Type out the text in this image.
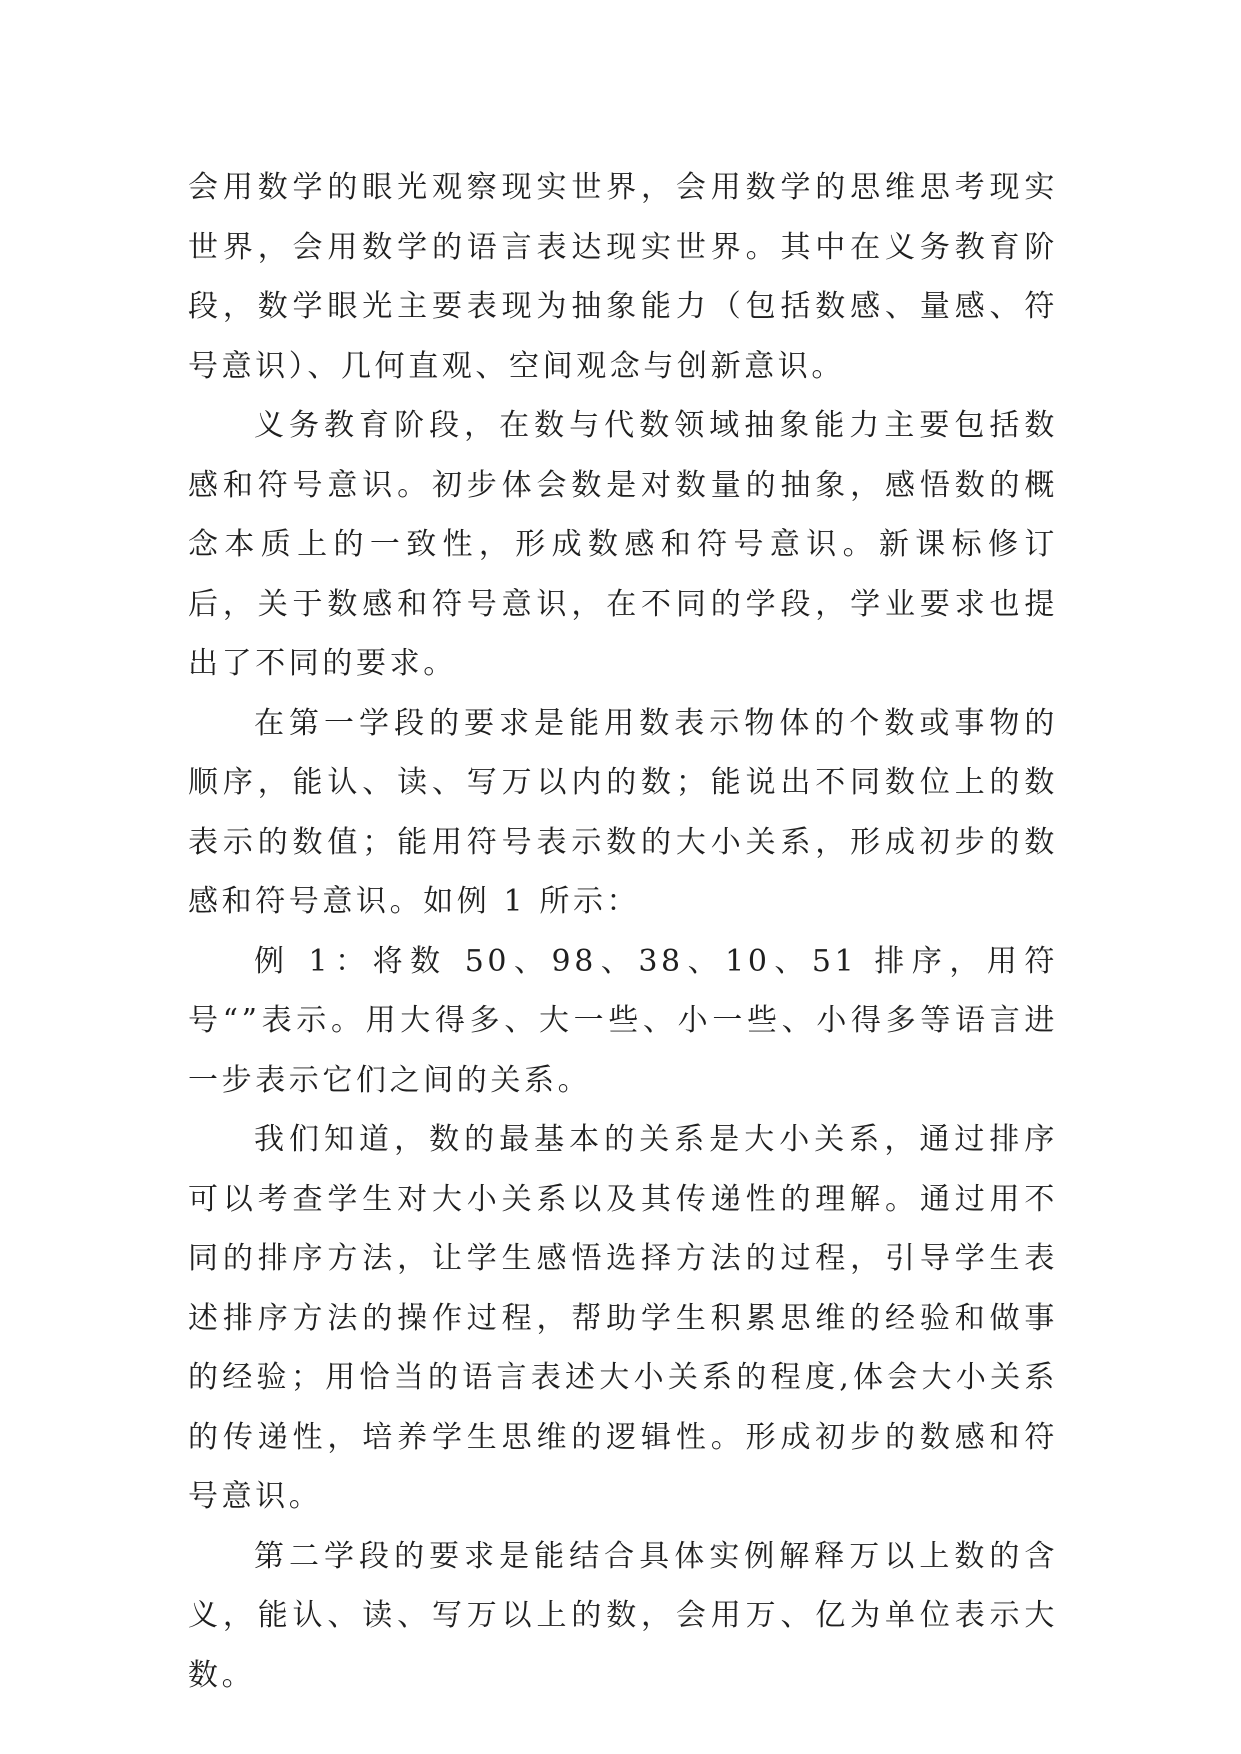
会用数学的眼光观察现实世界，会用数学的思维思考现实世界，会用数学的语言表达现实世界。其中在义务教育阶段，数学眼光主要表现为抽象能力（包括数感、量感、符号意识）、几何直观、空间观念与创新意识。

义务教育阶段，在数与代数领域抽象能力主要包括数感和符号意识。初步体会数是对数量的抽象，感悟数的概念本质上的一致性，形成数感和符号意识。新课标修订后，关于数感和符号意识，在不同的学段，学业要求也提出了不同的要求。

在第一学段的要求是能用数表示物体的个数或事物的顺序，能认、读、写万以内的数；能说出不同数位上的数表示的数值；能用符号表示数的大小关系，形成初步的数感和符号意识。如例 1 所示：

例 1：将数 50、98、38、10、51 排序，用符号“”表示。用大得多、大一些、小一些、小得多等语言进一步表示它们之间的关系。

我们知道，数的最基本的关系是大小关系，通过排序可以考查学生对大小关系以及其传递性的理解。通过用不同的排序方法，让学生感悟选择方法的过程，引导学生表述排序方法的操作过程，帮助学生积累思维的经验和做事的经验；用恰当的语言表述大小关系的程度,体会大小关系的传递性，培养学生思维的逻辑性。形成初步的数感和符号意识。

第二学段的要求是能结合具体实例解释万以上数的含义，能认、读、写万以上的数，会用万、亿为单位表示大数。
